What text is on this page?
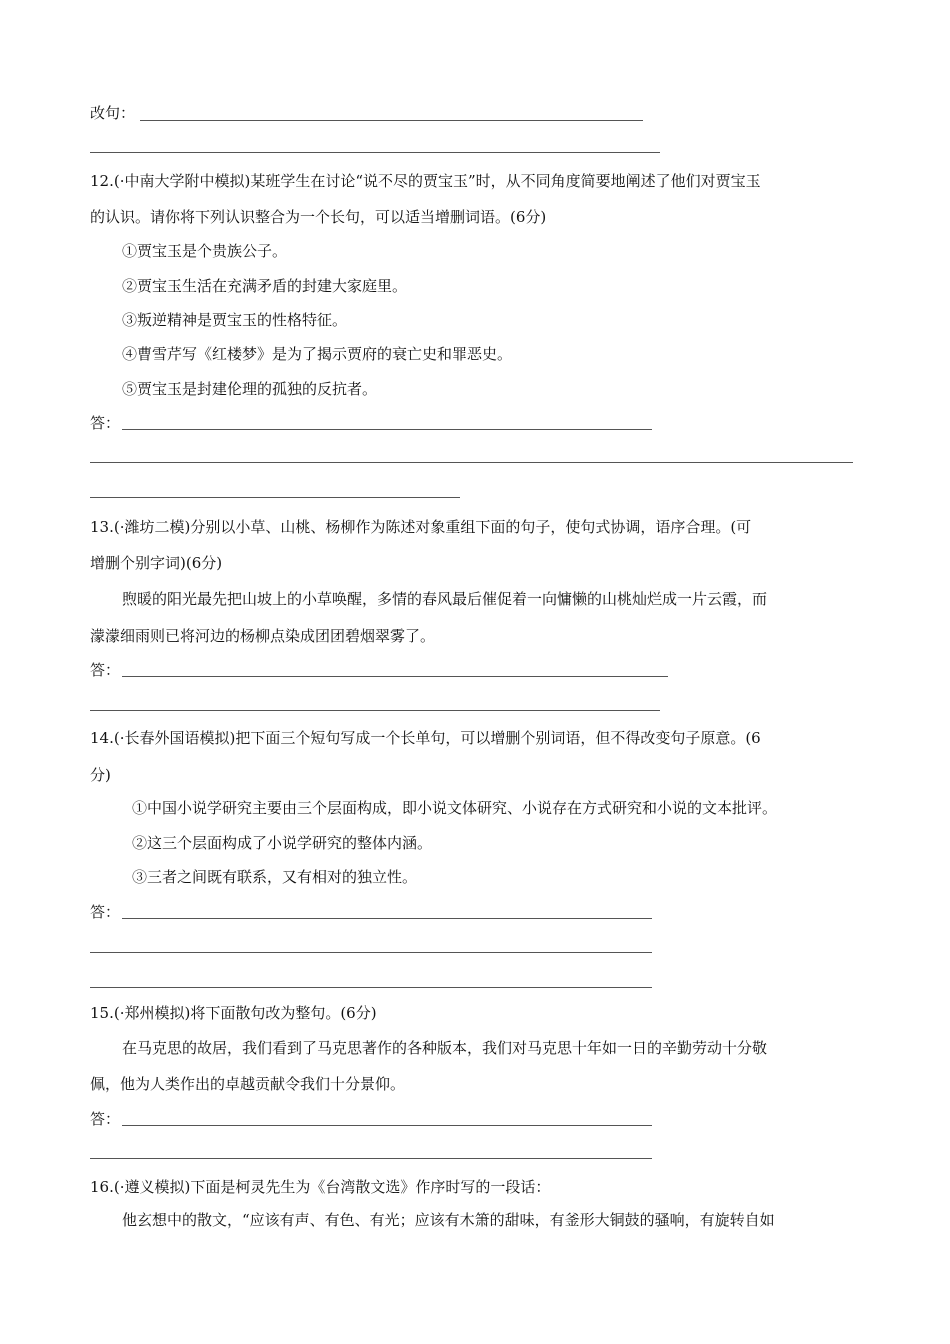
改句：
12.(·中南大学附中模拟)某班学生在讨论“说不尽的贾宝玉”时，从不同角度简要地阐述了他们对贾宝玉
的认识。请你将下列认识整合为一个长句，可以适当增删词语。(6分)
①贾宝玉是个贵族公子。
②贾宝玉生活在充满矛盾的封建大家庭里。
③叛逆精神是贾宝玉的性格特征。
④曹雪芹写《红楼梦》是为了揭示贾府的衰亡史和罪恶史。
⑤贾宝玉是封建伦理的孤独的反抗者。
答：
13.(·潍坊二模)分别以小草、山桃、杨柳作为陈述对象重组下面的句子，使句式协调，语序合理。(可
增删个别字词)(6分)
煦暖的阳光最先把山坡上的小草唤醒，多情的春风最后催促着一向慵懒的山桃灿烂成一片云霞，而
濛濛细雨则已将河边的杨柳点染成团团碧烟翠雾了。
答：
14.(·长春外国语模拟)把下面三个短句写成一个长单句，可以增删个别词语，但不得改变句子原意。(6
分)
①中国小说学研究主要由三个层面构成，即小说文体研究、小说存在方式研究和小说的文本批评。
②这三个层面构成了小说学研究的整体内涵。
③三者之间既有联系，又有相对的独立性。
答：
15.(·郑州模拟)将下面散句改为整句。(6分)
在马克思的故居，我们看到了马克思著作的各种版本，我们对马克思十年如一日的辛勤劳动十分敬
佩，他为人类作出的卓越贡献令我们十分景仰。
答：
16.(·遵义模拟)下面是柯灵先生为《台湾散文选》作序时写的一段话：
他玄想中的散文，“应该有声、有色、有光；应该有木箫的甜味，有釜形大铜鼓的骚响，有旋转自如
